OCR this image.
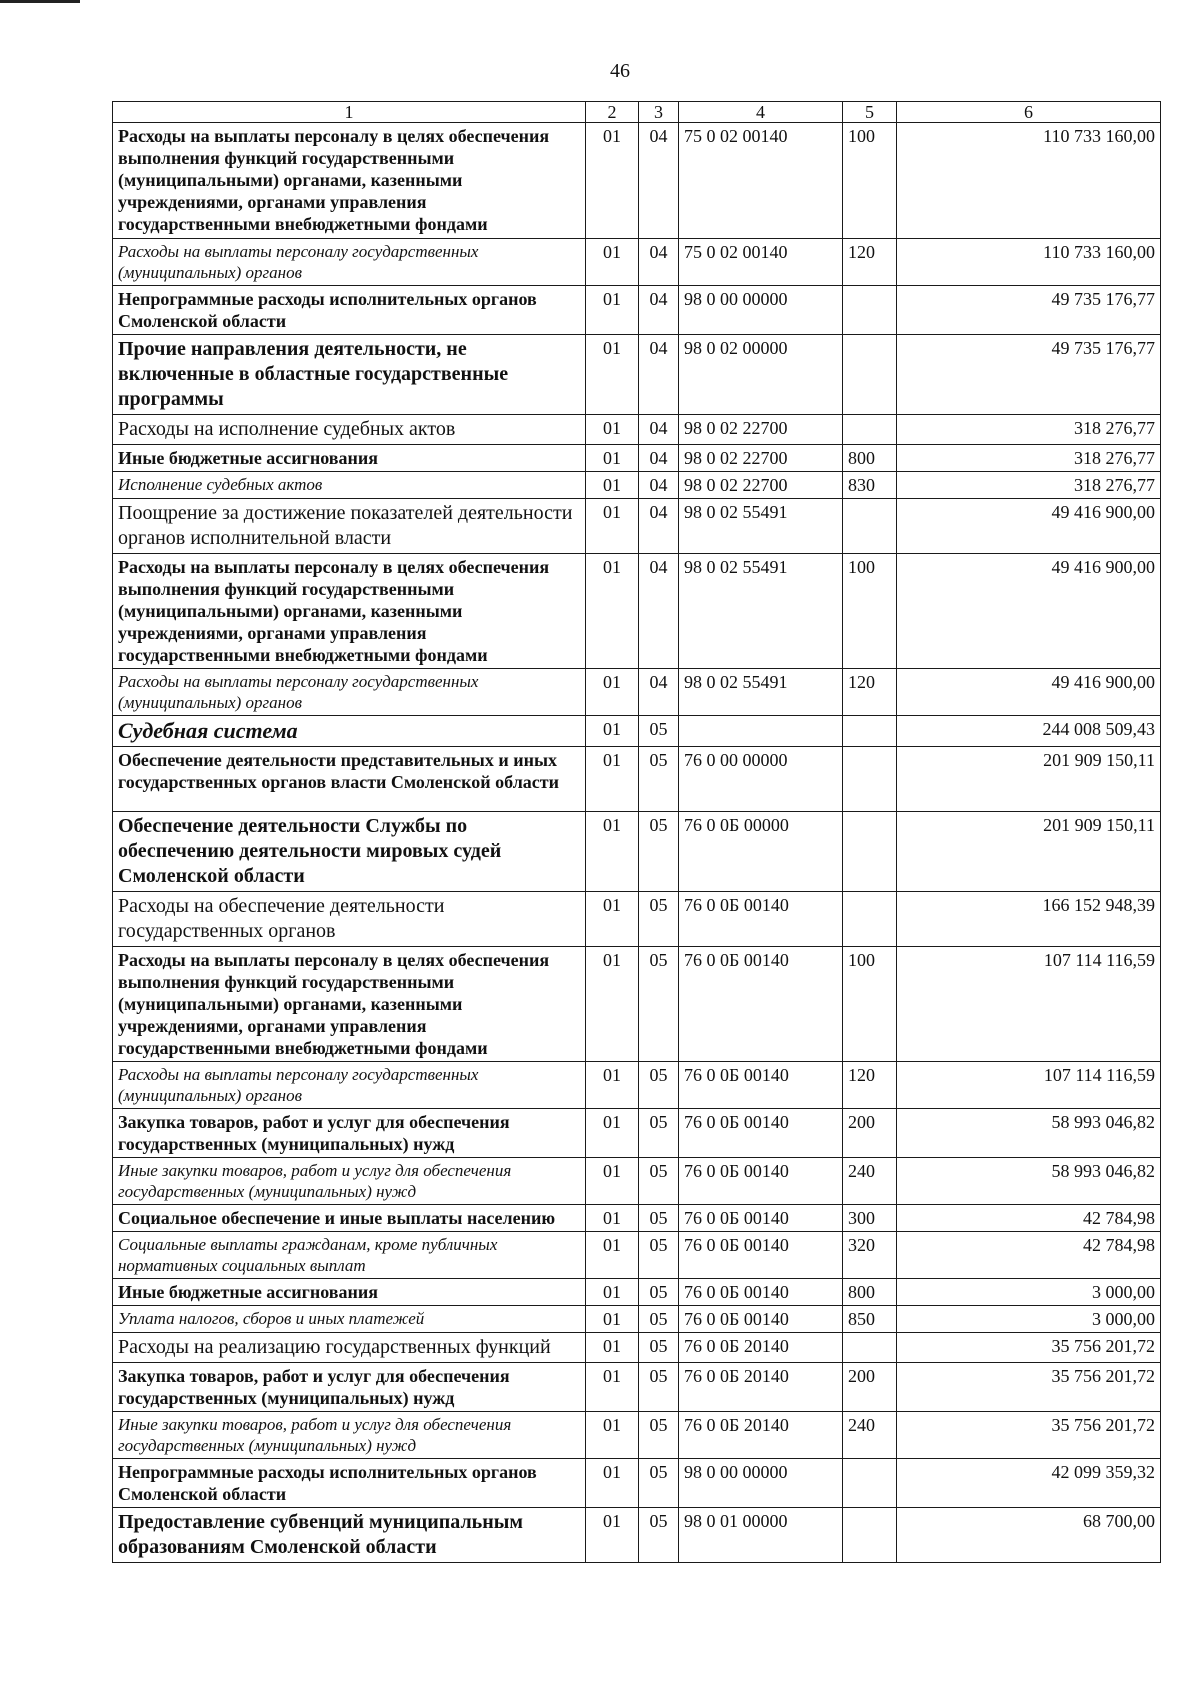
46
1	2	3	4	5	6
Расходы на выплаты персоналу в целях обеспечения выполнения функций государственными (муниципальными) органами, казенными учреждениями, органами управления государственными внебюджетными фондами	01	04	75 0 02 00140	100	110 733 160,00
Расходы на выплаты персоналу государственных (муниципальных) органов	01	04	75 0 02 00140	120	110 733 160,00
Непрограммные расходы исполнительных органов Смоленской области	01	04	98 0 00 00000		49 735 176,77
Прочие направления деятельности, не включенные в областные государственные программы	01	04	98 0 02 00000		49 735 176,77
Расходы на исполнение судебных актов	01	04	98 0 02 22700		318 276,77
Иные бюджетные ассигнования	01	04	98 0 02 22700	800	318 276,77
Исполнение судебных актов	01	04	98 0 02 22700	830	318 276,77
Поощрение за достижение показателей деятельности органов исполнительной власти	01	04	98 0 02 55491		49 416 900,00
Расходы на выплаты персоналу в целях обеспечения выполнения функций государственными (муниципальными) органами, казенными учреждениями, органами управления государственными внебюджетными фондами	01	04	98 0 02 55491	100	49 416 900,00
Расходы на выплаты персоналу государственных (муниципальных) органов	01	04	98 0 02 55491	120	49 416 900,00
Судебная система	01	05			244 008 509,43
Обеспечение деятельности представительных и иных государственных органов власти Смоленской области	01	05	76 0 00 00000		201 909 150,11
Обеспечение деятельности Службы по обеспечению деятельности мировых судей Смоленской области	01	05	76 0 0Б 00000		201 909 150,11
Расходы на обеспечение деятельности государственных органов	01	05	76 0 0Б 00140		166 152 948,39
Расходы на выплаты персоналу в целях обеспечения выполнения функций государственными (муниципальными) органами, казенными учреждениями, органами управления государственными внебюджетными фондами	01	05	76 0 0Б 00140	100	107 114 116,59
Расходы на выплаты персоналу государственных (муниципальных) органов	01	05	76 0 0Б 00140	120	107 114 116,59
Закупка товаров, работ и услуг для обеспечения государственных (муниципальных) нужд	01	05	76 0 0Б 00140	200	58 993 046,82
Иные закупки товаров, работ и услуг для обеспечения государственных (муниципальных) нужд	01	05	76 0 0Б 00140	240	58 993 046,82
Социальное обеспечение и иные выплаты населению	01	05	76 0 0Б 00140	300	42 784,98
Социальные выплаты гражданам, кроме публичных нормативных социальных выплат	01	05	76 0 0Б 00140	320	42 784,98
Иные бюджетные ассигнования	01	05	76 0 0Б 00140	800	3 000,00
Уплата налогов, сборов и иных платежей	01	05	76 0 0Б 00140	850	3 000,00
Расходы на реализацию государственных функций	01	05	76 0 0Б 20140		35 756 201,72
Закупка товаров, работ и услуг для обеспечения государственных (муниципальных) нужд	01	05	76 0 0Б 20140	200	35 756 201,72
Иные закупки товаров, работ и услуг для обеспечения государственных (муниципальных) нужд	01	05	76 0 0Б 20140	240	35 756 201,72
Непрограммные расходы исполнительных органов Смоленской области	01	05	98 0 00 00000		42 099 359,32
Предоставление субвенций муниципальным образованиям Смоленской области	01	05	98 0 01 00000		68 700,00
